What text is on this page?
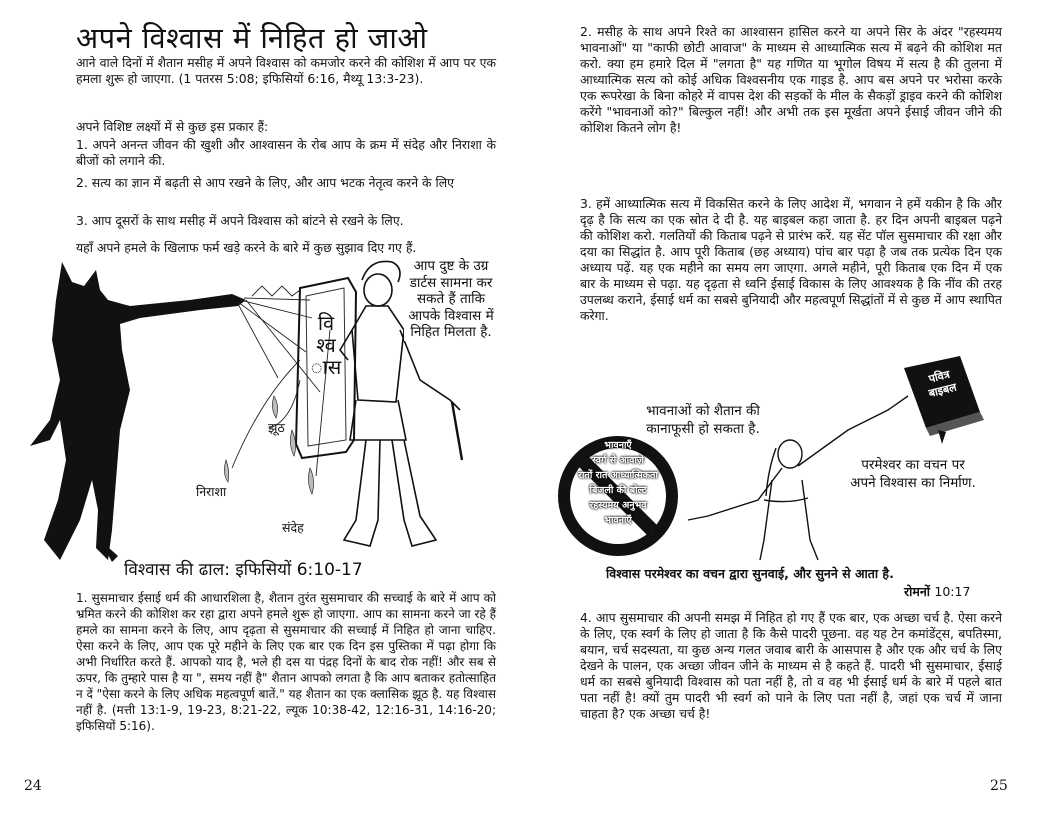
अपने विश्वास में निहित हो जाओ

आने वाले दिनों में शैतान मसीह में अपने विश्वास को कमजोर करने की कोशिश में आप पर एक हमला शुरू हो जाएगा. (1 पतरस 5:08; इफिसियों 6:16, मैथ्यू 13:3-23).

अपने विशिष्ट लक्ष्यों में से कुछ इस प्रकार हैं:

1. अपने अनन्त जीवन की खुशी और आश्वासन के रोब आप के क्रम में संदेह और निराशा के बीजों को लगाने की.

2. सत्य का ज्ञान में बढ़ती से आप रखने के लिए, और आप भटक नेतृत्व करने के लिए

3. आप दूसरों के साथ मसीह में अपने विश्वास को बांटने से रखने के लिए.

यहाँ अपने हमले के खिलाफ फर्म खड़े करने के बारे में कुछ सुझाव दिए गए हैं.

वि
श्व
ास
आप दुष्ट के उग्र डार्टस सामना कर सकते हैं ताकि आपके विश्वास में निहित मिलता है.
झूठ
निराशा
संदेह
विश्वास की ढाल: इफिसियों 6:10-17

1. सुसमाचार ईसाई धर्म की आधारशिला है, शैतान तुरंत सुसमाचार की सच्चाई के बारे में आप को भ्रमित करने की कोशिश कर रहा द्वारा अपने हमले शुरू हो जाएगा. आप का सामना करने जा रहे हैं हमले का सामना करने के लिए, आप दृढ़ता से सुसमाचार की सच्चाई में निहित हो जाना चाहिए. ऐसा करने के लिए, आप एक पूरे महीने के लिए एक बार एक दिन इस पुस्तिका में पढ़ा होगा कि अभी निर्धारित करते हैं. आपको याद है, भले ही दस या पंद्रह दिनों के बाद रोक नहीं! और सब से ऊपर, कि तुम्हारे पास है या ", समय नहीं है" शैतान आपको लगता है कि आप बताकर हतोत्साहित न दें "ऐसा करने के लिए अधिक महत्वपूर्ण बातें." यह शैतान का एक क्लासिक झूठ है. यह विश्वास नहीं है. (मत्ती 13:1-9, 19-23, 8:21-22, ल्यूक 10:38-42, 12:16-31, 14:16-20; इफिसियों 5:16).

24

2. मसीह के साथ अपने रिश्ते का आश्वासन हासिल करने या अपने सिर के अंदर "रहस्यमय भावनाओं" या "काफी छोटी आवाज" के माध्यम से आध्यात्मिक सत्य में बढ़ने की कोशिश मत करो. क्या हम हमारे दिल में "लगता है" यह गणित या भूगोल विषय में सत्य है की तुलना में आध्यात्मिक सत्य को कोई अधिक विश्वसनीय एक गाइड है. आप बस अपने पर भरोसा करके एक रूपरेखा के बिना कोहरे में वापस देश की सड़कों के मील के सैकड़ों ड्राइव करने की कोशिश करेंगे "भावनाओं को?" बिल्कुल नहीं! और अभी तक इस मूर्खता अपने ईसाई जीवन जीने की कोशिश कितने लोग है!

3. हमें आध्यात्मिक सत्य में विकसित करने के लिए आदेश में, भगवान ने हमें यकीन है कि और दृढ़ है कि सत्य का एक स्रोत दे दी है. यह बाइबल कहा जाता है. हर दिन अपनी बाइबल पढ़ने की कोशिश करो. गलतियों की किताब पढ़ने से प्रारंभ करें. यह सेंट पॉल सुसमाचार की रक्षा और दया का सिद्धांत है. आप पूरी किताब (छह अध्याय) पांच बार पढ़ा है जब तक प्रत्येक दिन एक अध्याय पढ़ें. यह एक महीने का समय लग जाएगा. अगले महीने, पूरी किताब एक दिन में एक बार के माध्यम से पढ़ा. यह दृढ़ता से ध्वनि ईसाई विकास के लिए आवश्यक है कि नींव की तरह उपलब्ध कराने, ईसाई धर्म का सबसे बुनियादी और महत्वपूर्ण सिद्धांतों में से कुछ में आप स्थापित करेगा.

पवित्र
बाइबल
भावनाएँ
स्वर्ग से आवाज़े
रातों रात आध्यात्मिकता
बिजली की बोल्ट
रहस्यमय अनुभव
भावनाएँ
भावनाओं को शैतान की कानाफूसी हो सकता है.
परमेश्वर का वचन पर अपने विश्वास का निर्माण.
विश्वास परमेश्वर का वचन द्वारा सुनवाई, और सुनने से आता है.
रोमनों 10:17

4. आप सुसमाचार की अपनी समझ में निहित हो गए हैं एक बार, एक अच्छा चर्च है. ऐसा करने के लिए, एक स्वर्ग के लिए हो जाता है कि कैसे पादरी पूछना. वह यह टेन कमांडेंट्स, बपतिस्मा, बयान, चर्च सदस्यता, या कुछ अन्य गलत जवाब बारी के आसपास है और एक और चर्च के लिए देखने के पालन, एक अच्छा जीवन जीने के माध्यम से है कहते हैं. पादरी भी सुसमाचार, ईसाई धर्म का सबसे बुनियादी विश्वास को पता नहीं है, तो व वह भी ईसाई धर्म के बारे में पहले बात पता नहीं है! क्यों तुम पादरी भी स्वर्ग को पाने के लिए पता नहीं है, जहां एक चर्च में जाना चाहता है? एक अच्छा चर्च है!

25
